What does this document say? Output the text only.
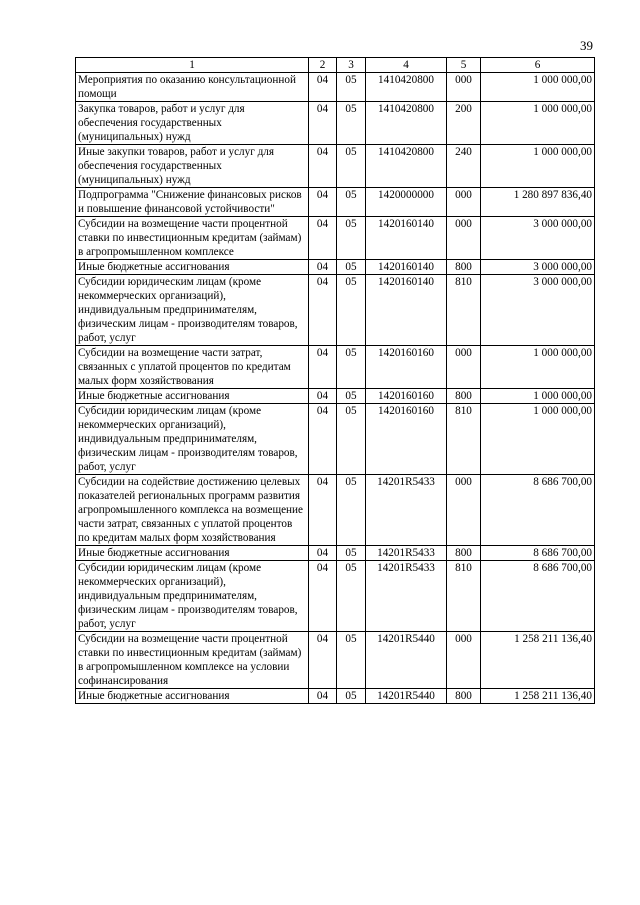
39
1	2	3	4	5	6
Мероприятия по оказанию консультационной помощи	04	05	1410420800	000	1 000 000,00
Закупка товаров, работ и услуг для обеспечения государственных (муниципальных) нужд	04	05	1410420800	200	1 000 000,00
Иные закупки товаров, работ и услуг для обеспечения государственных (муниципальных) нужд	04	05	1410420800	240	1 000 000,00
Подпрограмма "Снижение финансовых рисков и повышение финансовой устойчивости"	04	05	1420000000	000	1 280 897 836,40
Субсидии на возмещение части процентной ставки по инвестиционным кредитам (займам) в агропромышленном комплексе	04	05	1420160140	000	3 000 000,00
Иные бюджетные ассигнования	04	05	1420160140	800	3 000 000,00
Субсидии юридическим лицам (кроме некоммерческих организаций), индивидуальным предпринимателям, физическим лицам - производителям товаров, работ, услуг	04	05	1420160140	810	3 000 000,00
Субсидии на возмещение части затрат, связанных с уплатой процентов по кредитам малых форм хозяйствования	04	05	1420160160	000	1 000 000,00
Иные бюджетные ассигнования	04	05	1420160160	800	1 000 000,00
Субсидии юридическим лицам (кроме некоммерческих организаций), индивидуальным предпринимателям, физическим лицам - производителям товаров, работ, услуг	04	05	1420160160	810	1 000 000,00
Субсидии на содействие достижению целевых показателей региональных программ развития агропромышленного комплекса на возмещение части затрат, связанных с уплатой процентов по кредитам малых форм хозяйствования	04	05	14201R5433	000	8 686 700,00
Иные бюджетные ассигнования	04	05	14201R5433	800	8 686 700,00
Субсидии юридическим лицам (кроме некоммерческих организаций), индивидуальным предпринимателям, физическим лицам - производителям товаров, работ, услуг	04	05	14201R5433	810	8 686 700,00
Субсидии на возмещение части процентной ставки по инвестиционным кредитам (займам) в агропромышленном комплексе на условии софинансирования	04	05	14201R5440	000	1 258 211 136,40
Иные бюджетные ассигнования	04	05	14201R5440	800	1 258 211 136,40
